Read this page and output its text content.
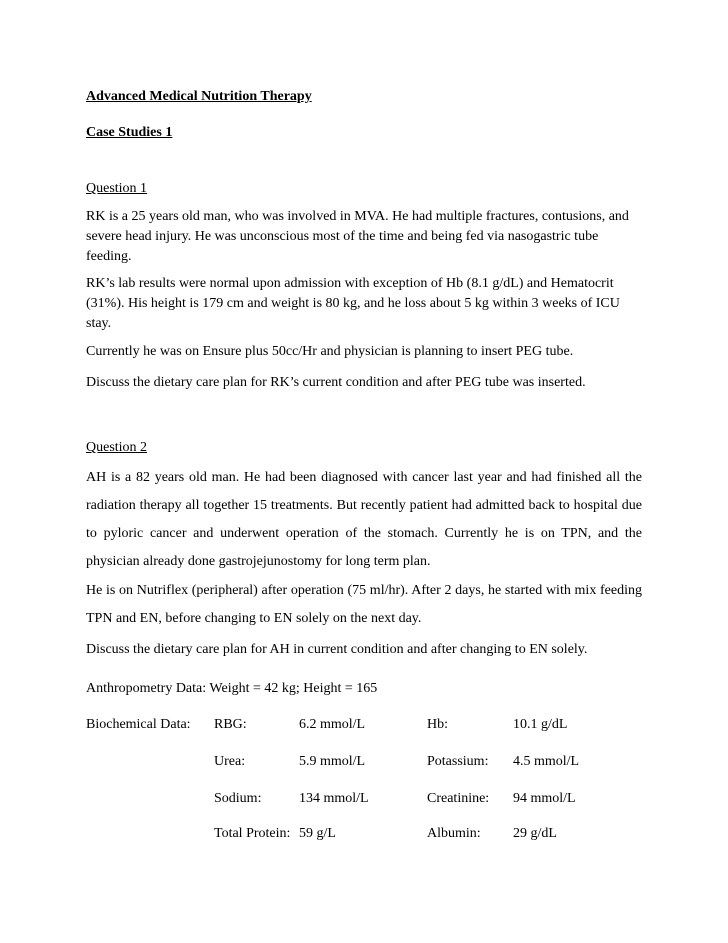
Advanced Medical Nutrition Therapy
Case Studies 1
Question 1
RK is a 25 years old man, who was involved in MVA. He had multiple fractures, contusions, and severe head injury. He was unconscious most of the time and being fed via nasogastric tube feeding.
RK’s lab results were normal upon admission with exception of Hb (8.1 g/dL) and Hematocrit (31%). His height is 179 cm and weight is 80 kg, and he loss about 5 kg within 3 weeks of ICU stay.
Currently he was on Ensure plus 50cc/Hr and physician is planning to insert PEG tube.
Discuss the dietary care plan for RK’s current condition and after PEG tube was inserted.
Question 2
AH is a 82 years old man. He had been diagnosed with cancer last year and had finished all the radiation therapy all together 15 treatments. But recently patient had admitted back to hospital due to pyloric cancer and underwent operation of the stomach. Currently he is on TPN, and the physician already done gastrojejunostomy for long term plan.
He is on Nutriflex (peripheral) after operation (75 ml/hr). After 2 days, he started with mix feeding TPN and EN, before changing to EN solely on the next day.
Discuss the dietary care plan for AH in current condition and after changing to EN solely.
Anthropometry Data: Weight = 42 kg; Height = 165
Biochemical Data: RBG:	6.2 mmol/L	Hb:	10.1 g/dL
Urea:	5.9 mmol/L	Potassium: 4.5 mmol/L
Sodium:	134 mmol/L	Creatinine: 94 mmol/L
Total Protein: 59 g/L	Albumin: 29 g/dL
